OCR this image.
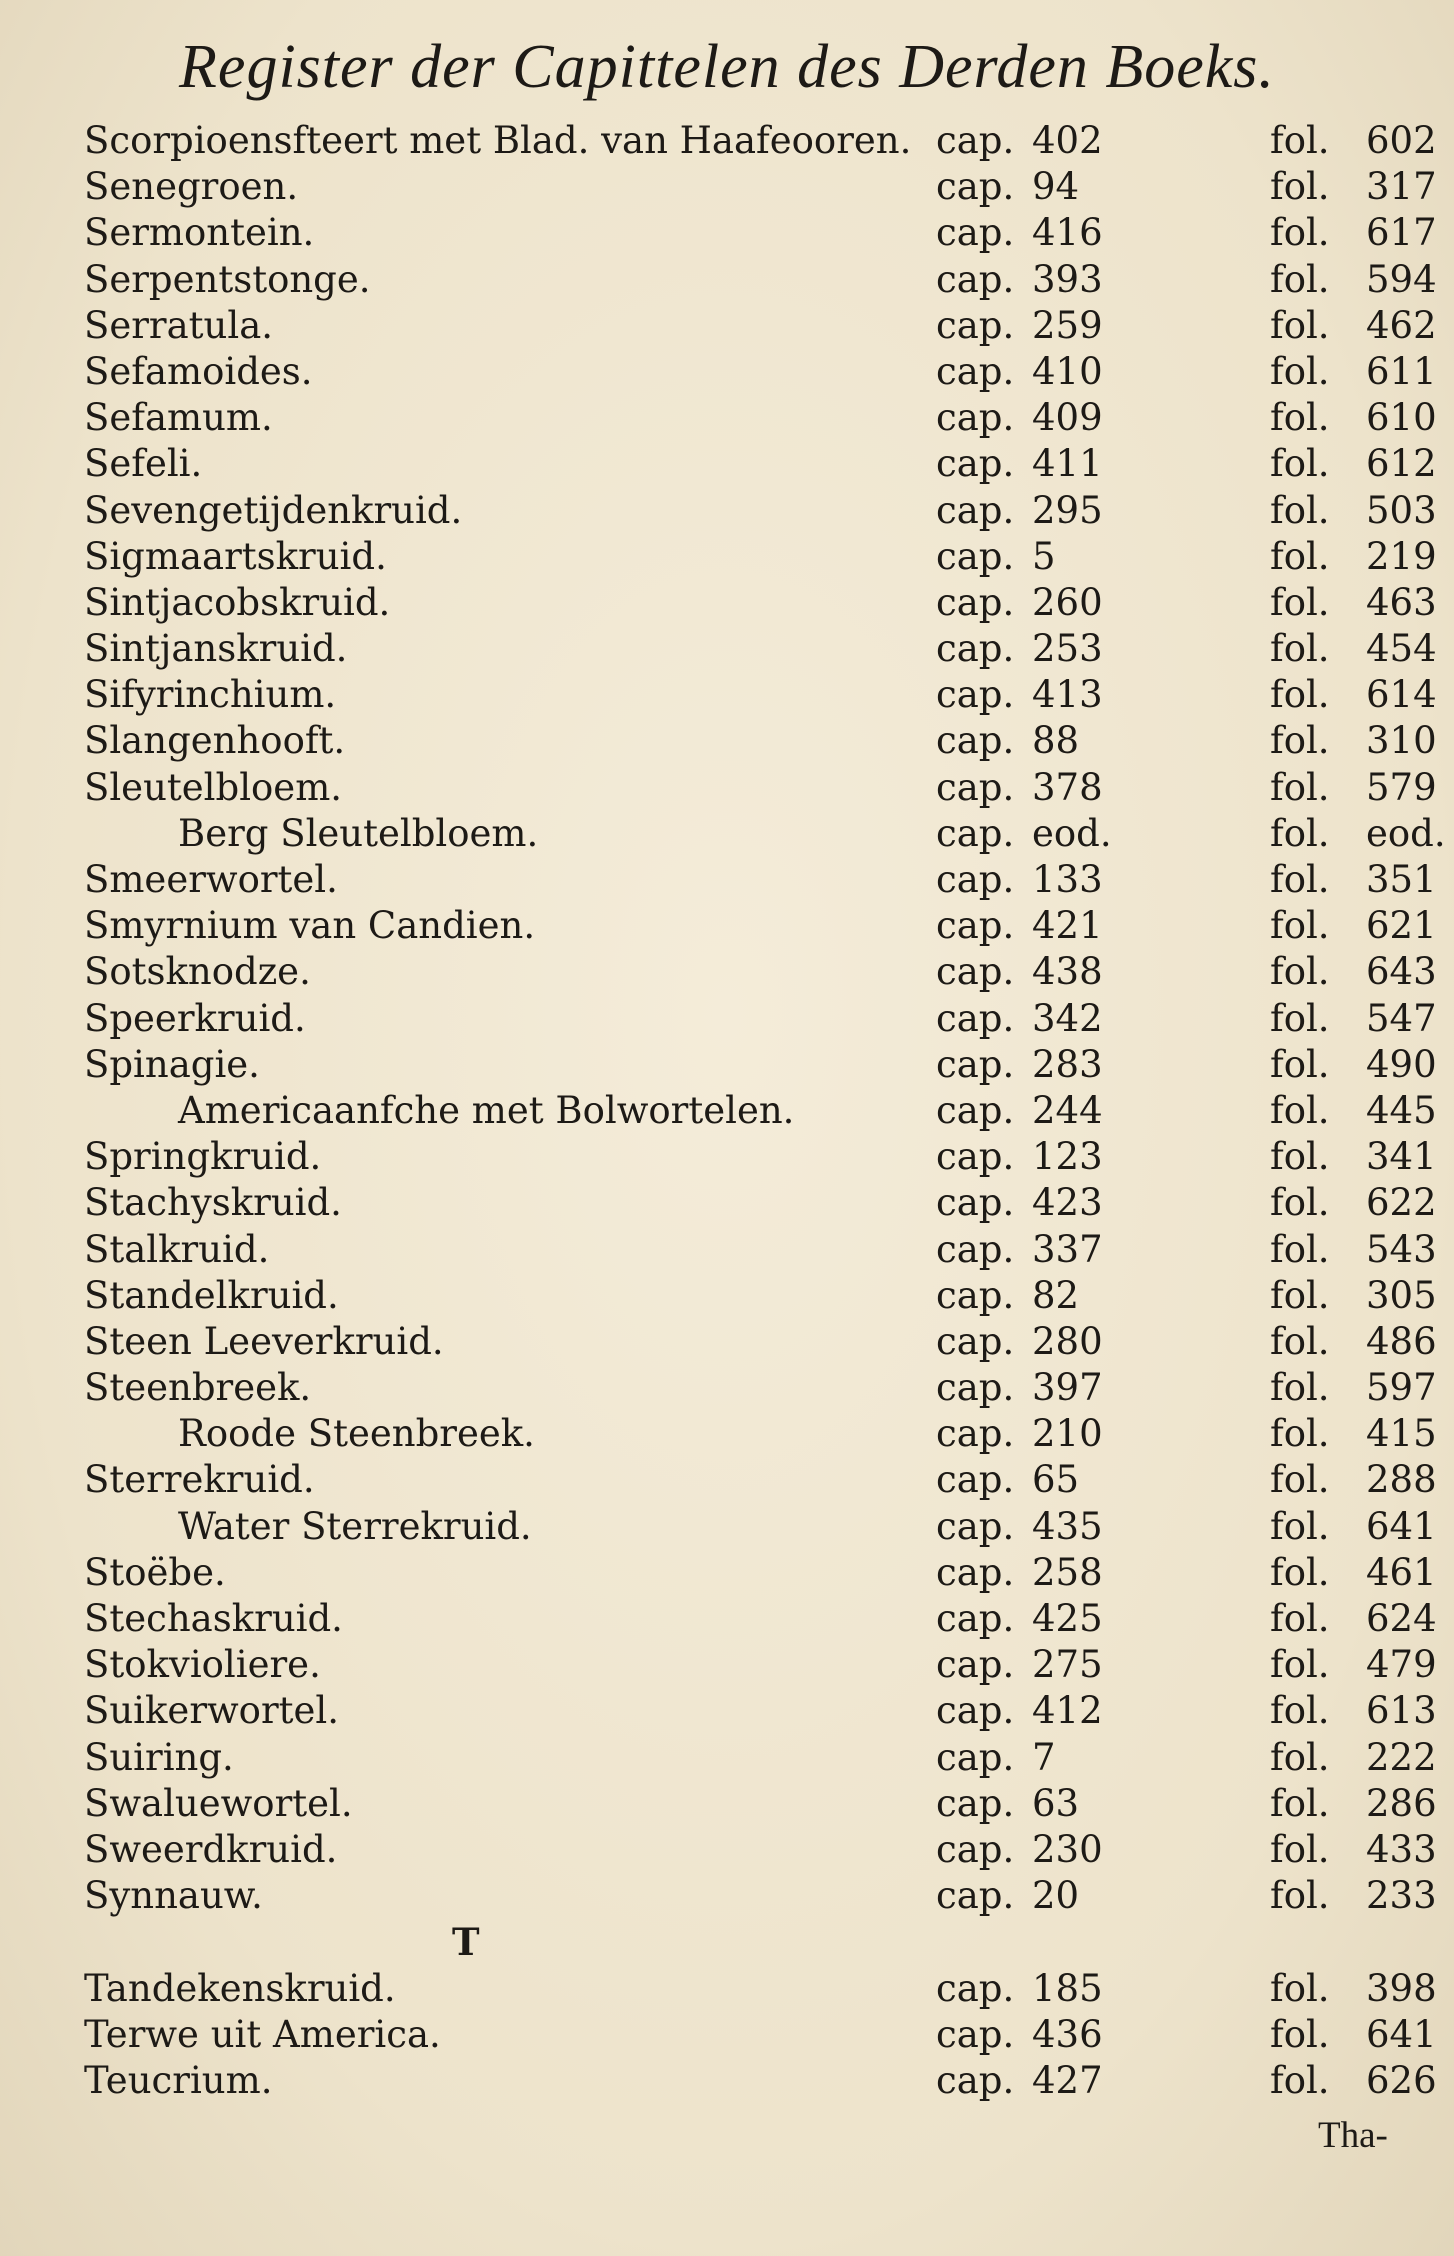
Register der Capittelen des Derden Boeks.
Scorpioensfteert met Blad. van Haafeooren. cap. 402	fol. 602
Senegroen.	cap. 94	fol. 317
Sermontein.	cap. 416	fol. 617
Serpentstonge.	cap. 393	fol. 594
Serratula.	cap. 259	fol. 462
Sefamoides.	cap. 410	fol. 611
Sefamum.	cap. 409	fol. 610
Sefeli.	cap. 411	fol. 612
Sevengetijdenkruid.	cap. 295	fol. 503
Sigmaartskruid.	cap. 5	fol. 219
Sintjacobskruid.	cap. 260	fol. 463
Sintjanskruid.	cap. 253	fol. 454
Sifyrinchium.	cap. 413	fol. 614
Slangenhooft.	cap. 88	fol. 310
Sleutelbloem.	cap. 378	fol. 579
Berg Sleutelbloem.	cap. eod.	fol. eod.
Smeerwortel.	cap. 133	fol. 351
Smyrnium van Candien.	cap. 421	fol. 621
Sotsknodze.	cap. 438	fol. 643
Speerkruid.	cap. 342	fol. 547
Spinagie.	cap. 283	fol. 490
Americaanfche met Bolwortelen.	cap. 244	fol. 445
Springkruid.	cap. 123	fol. 341
Stachyskruid.	cap. 423	fol. 622
Stalkruid.	cap. 337	fol. 543
Standelkruid.	cap. 82	fol. 305
Steen Leeverkruid.	cap. 280	fol. 486
Steenbreek.	cap. 397	fol. 597
Roode Steenbreek.	cap. 210	fol. 415
Sterrekruid.	cap. 65	fol. 288
Water Sterrekruid.	cap. 435	fol. 641
Stoëbe.	cap. 258	fol. 461
Stechaskruid.	cap. 425	fol. 624
Stokvioliere.	cap. 275	fol. 479
Suikerwortel.	cap. 412	fol. 613
Suiring.	cap. 7	fol. 222
Swaluewortel.	cap. 63	fol. 286
Sweerdkruid.	cap. 230	fol. 433
Synnauw.	cap. 20	fol. 233
T
Tandekenskruid.	cap. 185	fol. 398
Terwe uit America.	cap. 436	fol. 641
Teucrium.	cap. 427	fol. 626
Tha-
